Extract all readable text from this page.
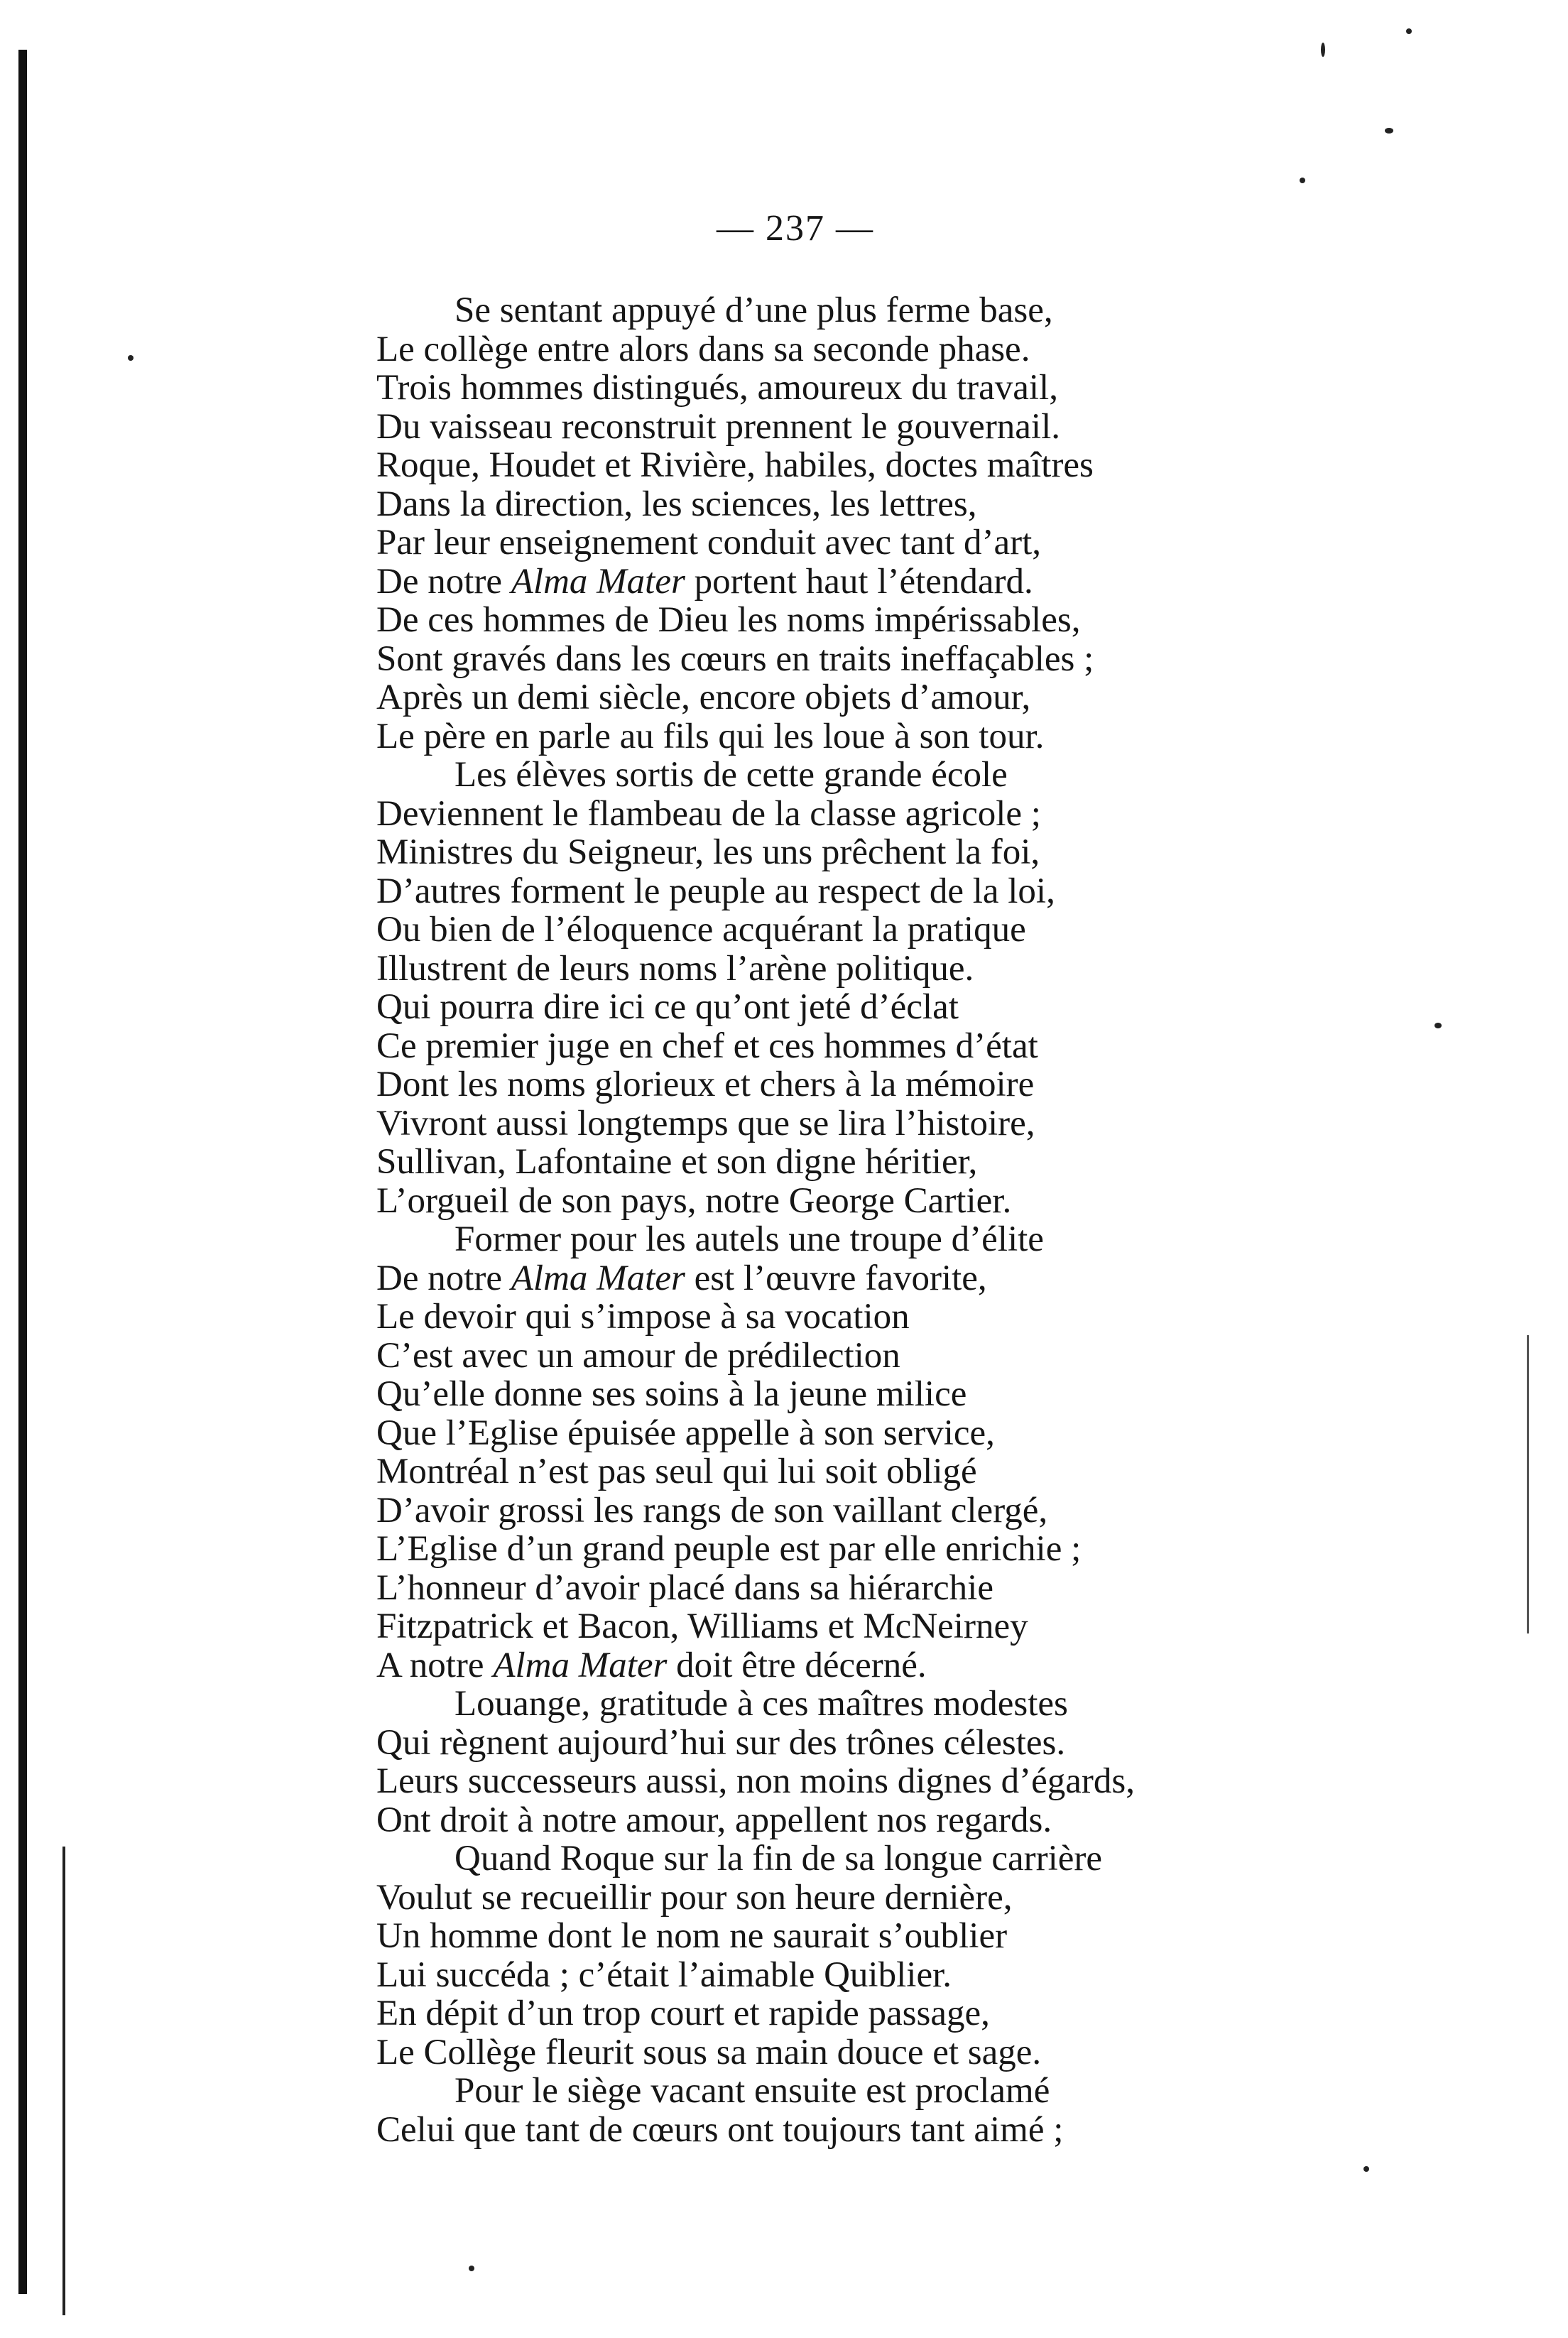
— 237 —
Se sentant appuyé d’une plus ferme base,
Le collège entre alors dans sa seconde phase.
Trois hommes distingués, amoureux du travail,
Du vaisseau reconstruit prennent le gouvernail.
Roque, Houdet et Rivière, habiles, doctes maîtres
Dans la direction, les sciences, les lettres,
Par leur enseignement conduit avec tant d’art,
De notre Alma Mater portent haut l’étendard.
De ces hommes de Dieu les noms impérissables,
Sont gravés dans les cœurs en traits ineffaçables ;
Après un demi siècle, encore objets d’amour,
Le père en parle au fils qui les loue à son tour.
Les élèves sortis de cette grande école
Deviennent le flambeau de la classe agricole ;
Ministres du Seigneur, les uns prêchent la foi,
D’autres forment le peuple au respect de la loi,
Ou bien de l’éloquence acquérant la pratique
Illustrent de leurs noms l’arène politique.
Qui pourra dire ici ce qu’ont jeté d’éclat
Ce premier juge en chef et ces hommes d’état
Dont les noms glorieux et chers à la mémoire
Vivront aussi longtemps que se lira l’histoire,
Sullivan, Lafontaine et son digne héritier,
L’orgueil de son pays, notre George Cartier.
Former pour les autels une troupe d’élite
De notre Alma Mater est l’œuvre favorite,
Le devoir qui s’impose à sa vocation
C’est avec un amour de prédilection
Qu’elle donne ses soins à la jeune milice
Que l’Eglise épuisée appelle à son service,
Montréal n’est pas seul qui lui soit obligé
D’avoir grossi les rangs de son vaillant clergé,
L’Eglise d’un grand peuple est par elle enrichie ;
L’honneur d’avoir placé dans sa hiérarchie
Fitzpatrick et Bacon, Williams et McNeirney
A notre Alma Mater doit être décerné.
Louange, gratitude à ces maîtres modestes
Qui règnent aujourd’hui sur des trônes célestes.
Leurs successeurs aussi, non moins dignes d’égards,
Ont droit à notre amour, appellent nos regards.
Quand Roque sur la fin de sa longue carrière
Voulut se recueillir pour son heure dernière,
Un homme dont le nom ne saurait s’oublier
Lui succéda ; c’était l’aimable Quiblier.
En dépit d’un trop court et rapide passage,
Le Collège fleurit sous sa main douce et sage.
Pour le siège vacant ensuite est proclamé
Celui que tant de cœurs ont toujours tant aimé ;
